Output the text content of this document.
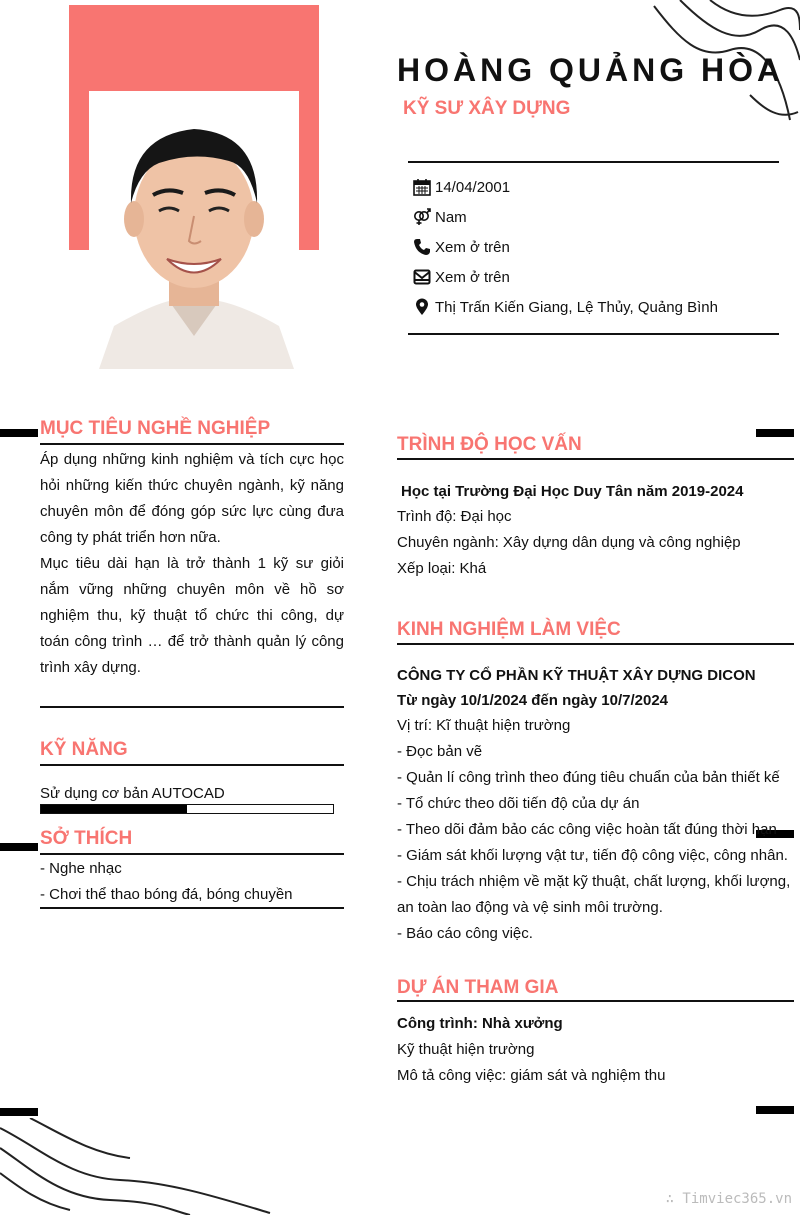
HOÀNG QUẢNG HÒA
KỸ SƯ XÂY DỰNG
14/04/2001
Nam
Xem ở trên
Xem ở trên
Thị Trấn Kiến Giang, Lệ Thủy, Quảng Bình
MỤC TIÊU NGHỀ NGHIỆP
Áp dụng những kinh nghiệm và tích cực học hỏi những kiến thức chuyên ngành, kỹ năng chuyên môn để đóng góp sức lực cùng đưa công ty phát triển hơn nữa.
Mục tiêu dài hạn là trở thành 1 kỹ sư giỏi nắm vững những chuyên môn về hồ sơ nghiệm thu, kỹ thuật tổ chức thi công, dự toán công trình … để trở thành quản lý công trình xây dựng.
KỸ NĂNG
Sử dụng cơ bản AUTOCAD
SỞ THÍCH
- Nghe nhạc
- Chơi thể thao bóng đá, bóng chuyền
TRÌNH ĐỘ HỌC VẤN
Học tại Trường Đại Học Duy Tân năm 2019-2024
Trình độ: Đại học
Chuyên ngành: Xây dựng dân dụng và công nghiệp
Xếp loại: Khá
KINH NGHIỆM LÀM VIỆC
CÔNG TY CỔ PHẦN KỸ THUẬT XÂY DỰNG DICON
Từ ngày 10/1/2024 đến ngày 10/7/2024
Vị trí: Kĩ thuật hiện trường
- Đọc bản vẽ
- Quản lí công trình theo đúng tiêu chuẩn của bản thiết kế
- Tổ chức theo dõi tiến độ của dự án
- Theo dõi đảm bảo các công việc hoàn tất đúng thời hạn
- Giám sát khối lượng vật tư, tiến độ công việc, công nhân.
- Chịu trách nhiệm về mặt kỹ thuật, chất lượng, khối lượng, an toàn lao động và vệ sinh môi trường.
- Báo cáo công việc.
DỰ ÁN THAM GIA
Công trình: Nhà xưởng
Kỹ thuật hiện trường
Mô tả công việc: giám sát và nghiệm thu
∴ Timviec365.vn
